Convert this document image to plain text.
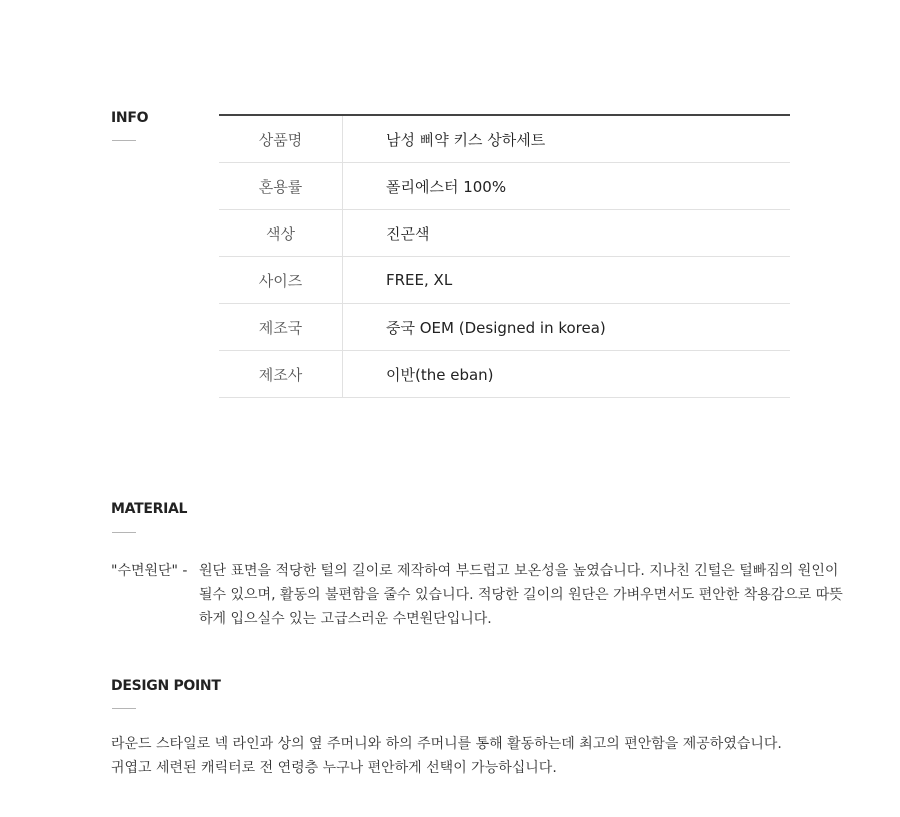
INFO
상품명	남성 삐약 키스 상하세트
혼용률	폴리에스터 100%
색상	진곤색
사이즈	FREE, XL
제조국	중국 OEM (Designed in korea)
제조사	이반(the eban)
MATERIAL
"수면원단" - 원단 표면을 적당한 털의 길이로 제작하여 부드럽고 보온성을 높였습니다. 지나친 긴털은 털빠짐의 원인이 될수 있으며, 활동의 불편함을 줄수 있습니다. 적당한 길이의 원단은 가벼우면서도 편안한 착용감으로 따뜻하게 입으실수 있는 고급스러운 수면원단입니다.
DESIGN POINT

라운드 스타일로 넥 라인과 상의 옆 주머니와 하의 주머니를 통해 활동하는데 최고의 편안함을 제공하였습니다.

귀엽고 세련된 캐릭터로 전 연령층 누구나 편안하게 선택이 가능하십니다.
